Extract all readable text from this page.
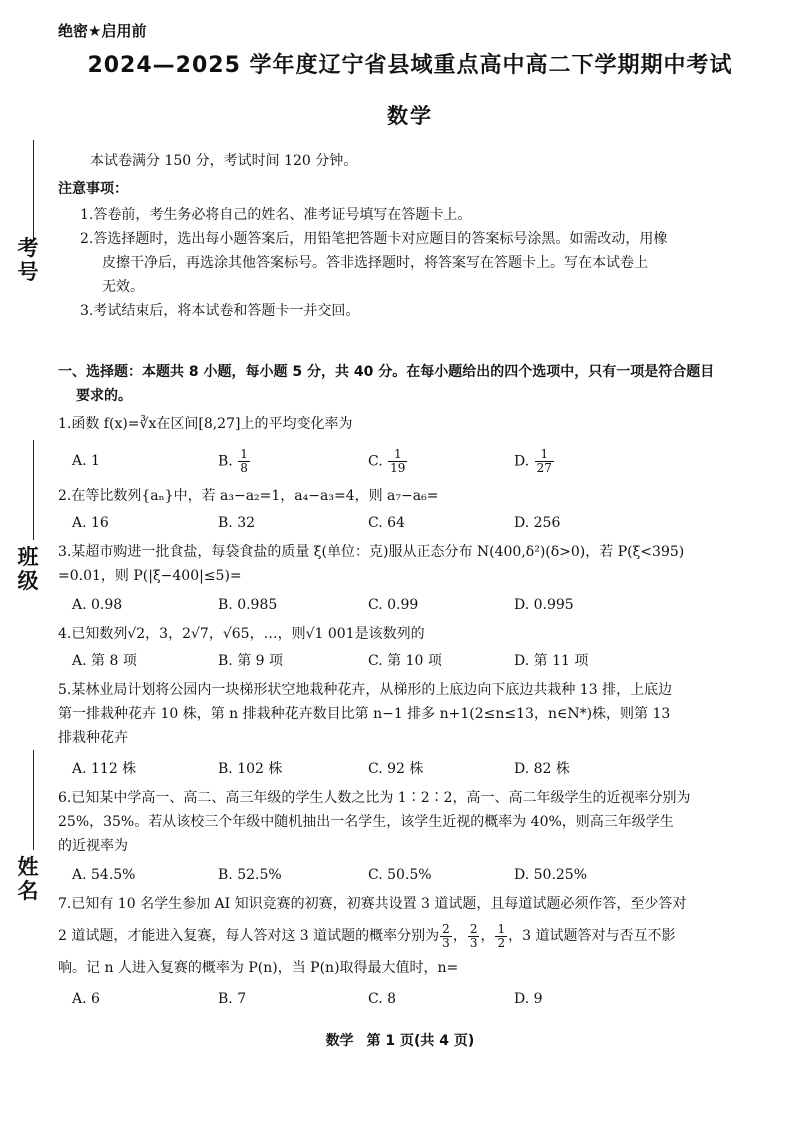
考号
班级
姓名
绝密★启用前
2024—2025 学年度辽宁省县域重点高中高二下学期期中考试
数学
本试卷满分 150 分，考试时间 120 分钟。
注意事项：
1.答卷前，考生务必将自己的姓名、准考证号填写在答题卡上。
2.答选择题时，选出每小题答案后，用铅笔把答题卡对应题目的答案标号涂黑。如需改动，用橡
皮擦干净后，再选涂其他答案标号。答非选择题时，将答案写在答题卡上。写在本试卷上
无效。
3.考试结束后，将本试卷和答题卡一并交回。
一、选择题：本题共 8 小题，每小题 5 分，共 40 分。在每小题给出的四个选项中，只有一项是符合题目
要求的。
1.函数 f(x)=∛x在区间[8,27]上的平均变化率为
A. 1	B. $\frac{1}{8}$	C. $\frac{1}{19}$	D. $\frac{1}{27}$
2.在等比数列{aₙ}中，若 a₃−a₂=1，a₄−a₃=4，则 a₇−a₆=
A. 16	B. 32	C. 64	D. 256
3.某超市购进一批食盐，每袋食盐的质量 ξ(单位：克)服从正态分布 N(400,δ²)(δ>0)，若 P(ξ<395)
=0.01，则 P(|ξ−400|≤5)=
A. 0.98	B. 0.985	C. 0.99	D. 0.995
4.已知数列√2，3，2√7，√65，…，则√1 001是该数列的
A. 第 8 项	B. 第 9 项	C. 第 10 项	D. 第 11 项
5.某林业局计划将公园内一块梯形状空地栽种花卉，从梯形的上底边向下底边共栽种 13 排，上底边
第一排栽种花卉 10 株，第 n 排栽种花卉数目比第 n−1 排多 n+1(2≤n≤13，n∈N*)株，则第 13
排栽种花卉
A. 112 株	B. 102 株	C. 92 株	D. 82 株
6.已知某中学高一、高二、高三年级的学生人数之比为 1∶2∶2，高一、高二年级学生的近视率分别为
25%，35%。若从该校三个年级中随机抽出一名学生，该学生近视的概率为 40%，则高三年级学生
的近视率为
A. 54.5%	B. 52.5%	C. 50.5%	D. 50.25%
7.已知有 10 名学生参加 AI 知识竞赛的初赛，初赛共设置 3 道试题，且每道试题必须作答，至少答对
2 道试题，才能进入复赛，每人答对这 3 道试题的概率分别为 $\frac{2}{3}$ ， $\frac{2}{3}$ ， $\frac{1}{2}$ ，3 道试题答对与否互不影
响。记 n 人进入复赛的概率为 P(n)，当 P(n)取得最大值时，n=
A. 6	B. 7	C. 8	D. 9
数学 第 1 页(共 4 页)
